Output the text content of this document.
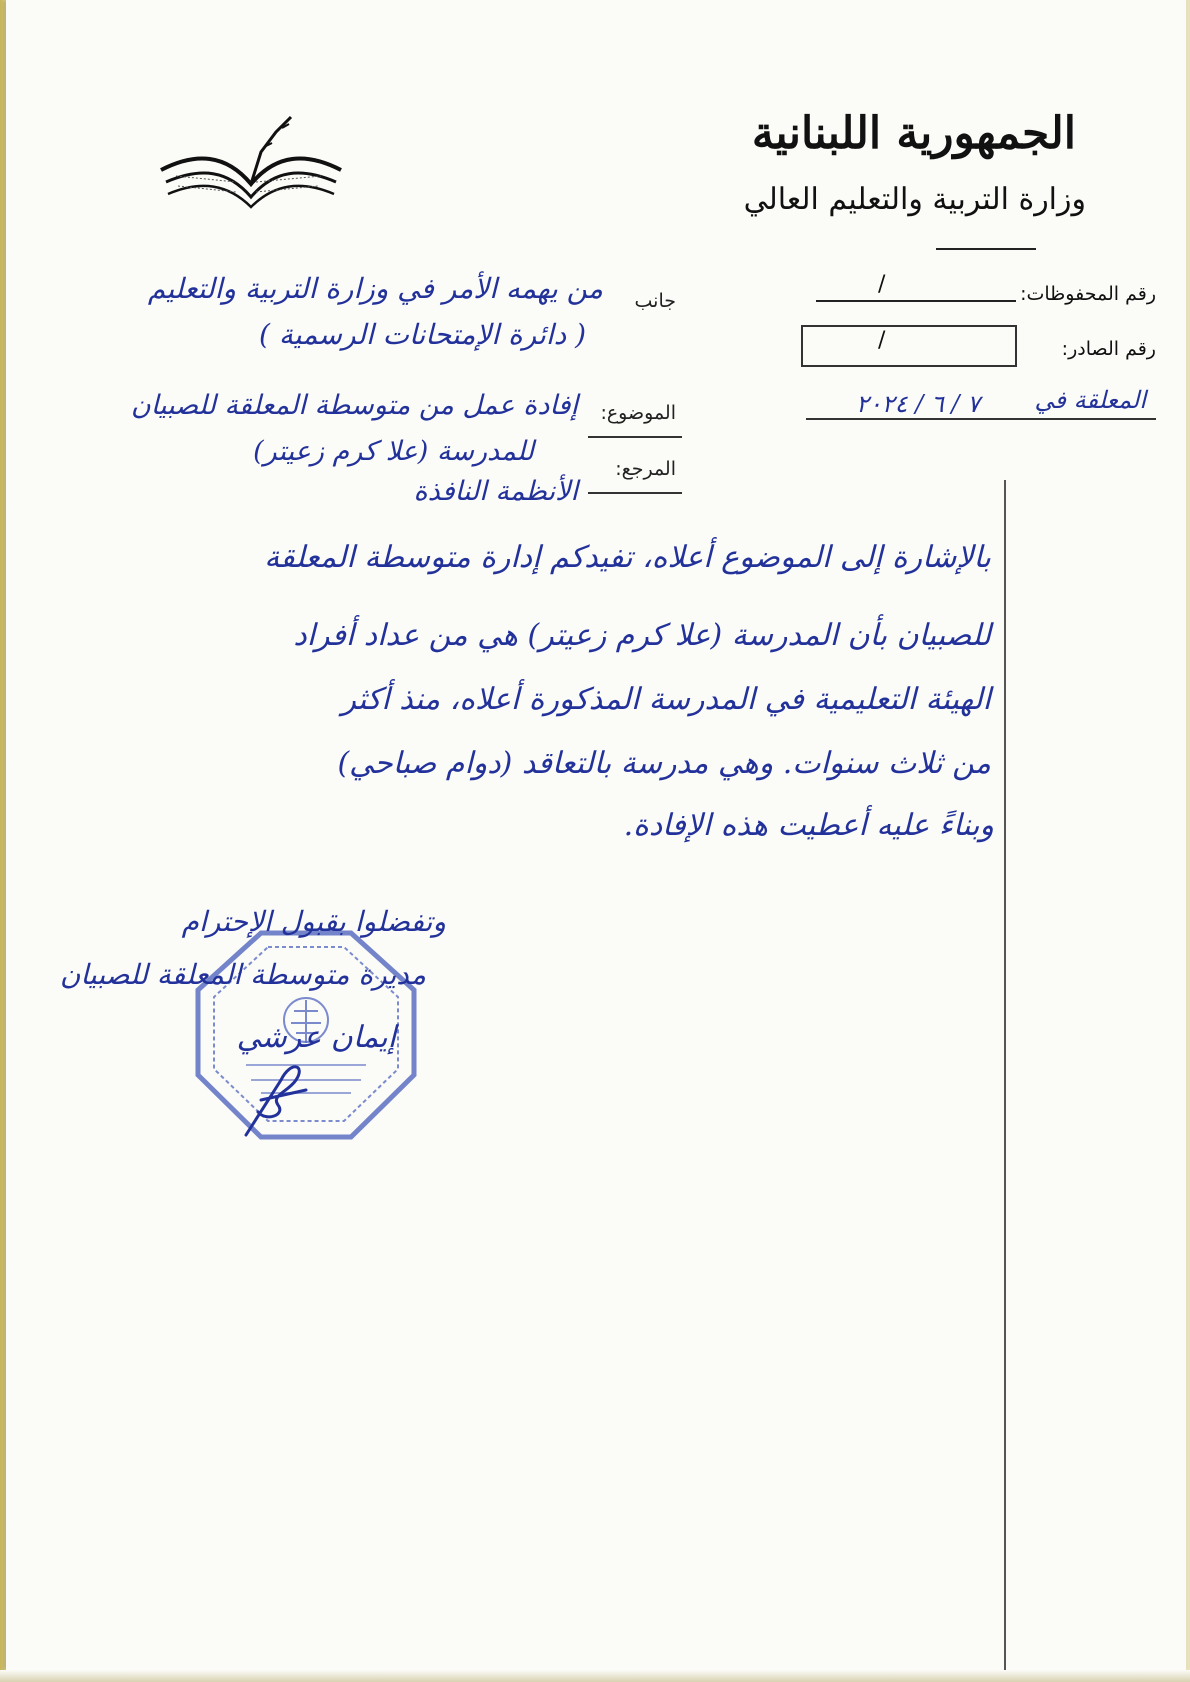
الجمهورية اللبنانية
وزارة التربية والتعليم العالي
رقم المحفوظات:
/
رقم الصادر:
/
المعلقة في
٧ / ٦ / ٢٠٢٤
جانب
من يهمه الأمر في وزارة التربية والتعليم
( دائرة الإمتحانات الرسمية )
الموضوع:
إفادة عمل من متوسطة المعلقة للصبيان
للمدرسة (علا كرم زعيتر)
المرجع:
الأنظمة النافذة
بالإشارة إلى الموضوع أعلاه، تفيدكم إدارة متوسطة المعلقة
للصبيان بأن المدرسة (علا كرم زعيتر) هي من عداد أفراد
الهيئة التعليمية في المدرسة المذكورة أعلاه، منذ أكثر
من ثلاث سنوات. وهي مدرسة بالتعاقد (دوام صباحي)
وبناءً عليه أعطيت هذه الإفادة.
وتفضلوا بقبول الإحترام
مديرة متوسطة المعلقة للصبيان
إيمان عرشي
